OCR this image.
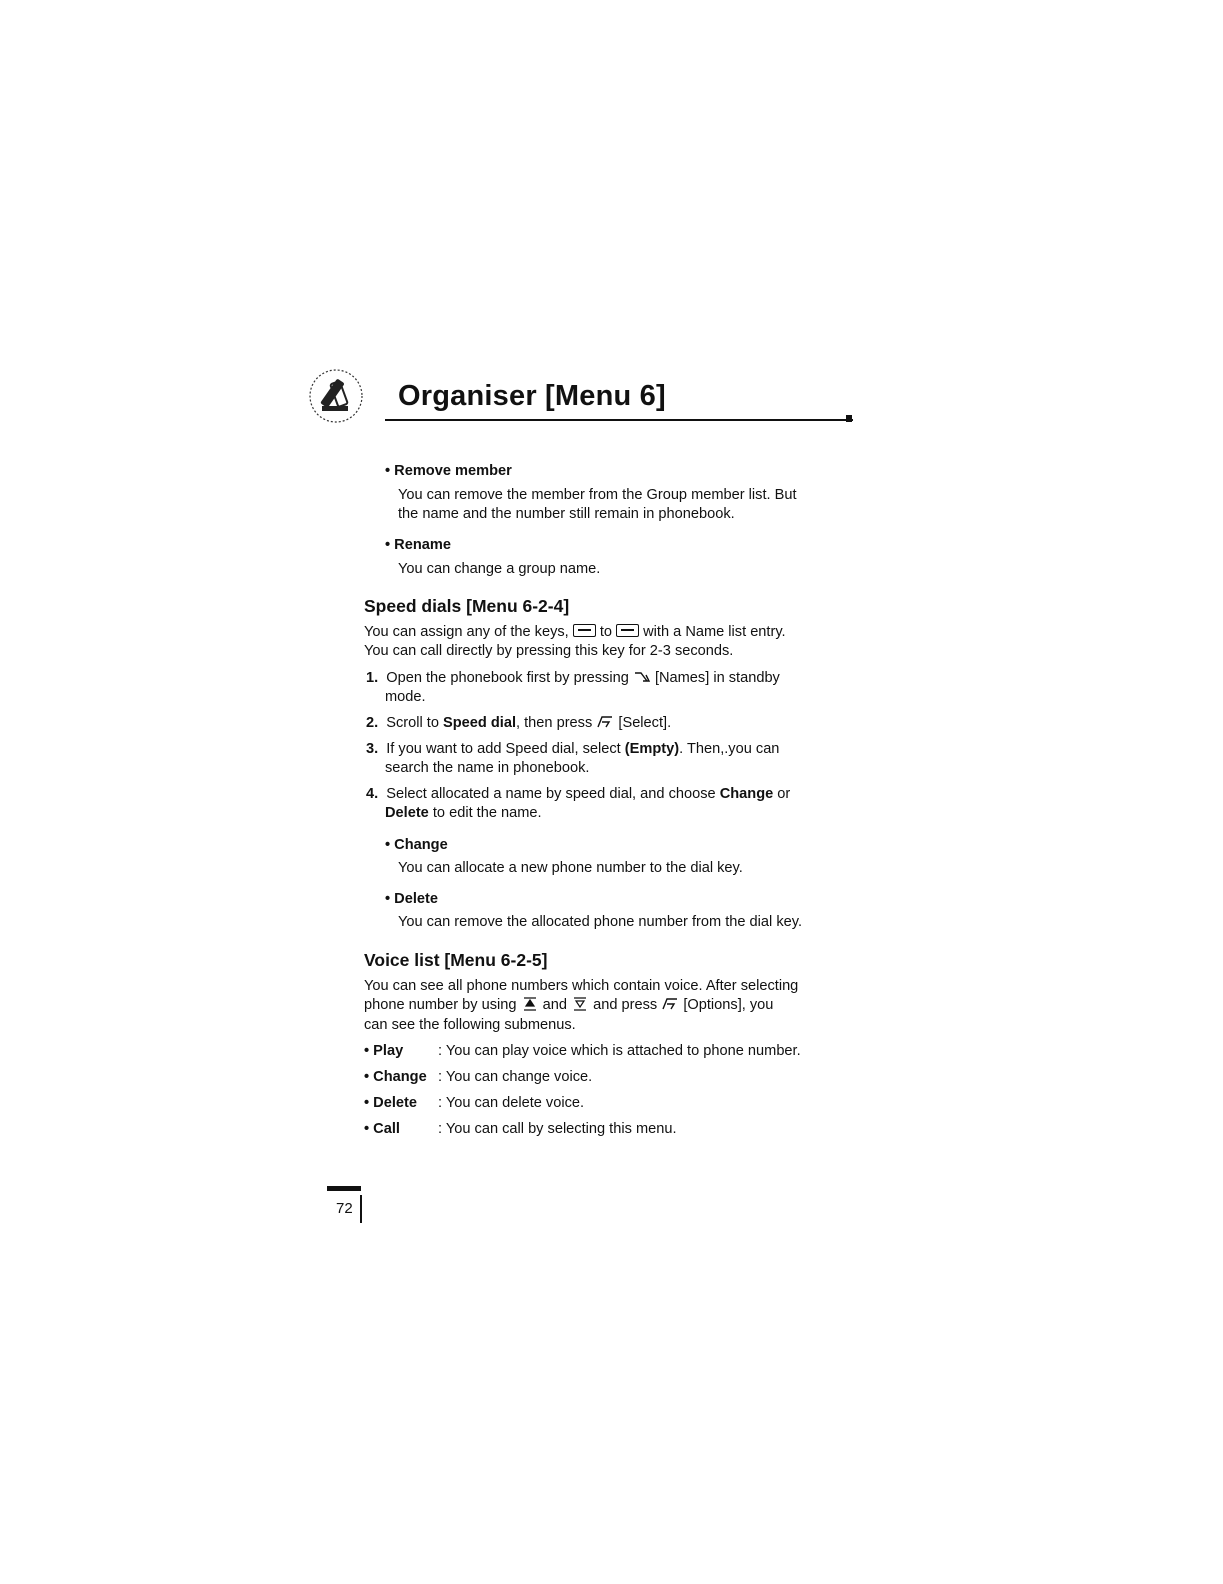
Organiser [Menu 6]
• Remove member
You can remove the member from the Group member list. But
the name and the number still remain in phonebook.
• Rename
You can change a group name.
Speed dials [Menu 6-2-4]
You can assign any of the keys, to with a Name list entry.
You can call directly by pressing this key for 2-3 seconds.
1. Open the phonebook first by pressing [Names] in standby
mode.
2. Scroll to Speed dial, then press [Select].
3. If you want to add Speed dial, select (Empty). Then,.you can
search the name in phonebook.
4. Select allocated a name by speed dial, and choose Change or
Delete to edit the name.
• Change
You can allocate a new phone number to the dial key.
• Delete
You can remove the allocated phone number from the dial key.
Voice list [Menu 6-2-5]
You can see all phone numbers which contain voice. After selecting
phone number by using and and press [Options], you
can see the following submenus.
• Play : You can play voice which is attached to phone number.
• Change : You can change voice.
• Delete : You can delete voice.
• Call	: You can call by selecting this menu.
72
